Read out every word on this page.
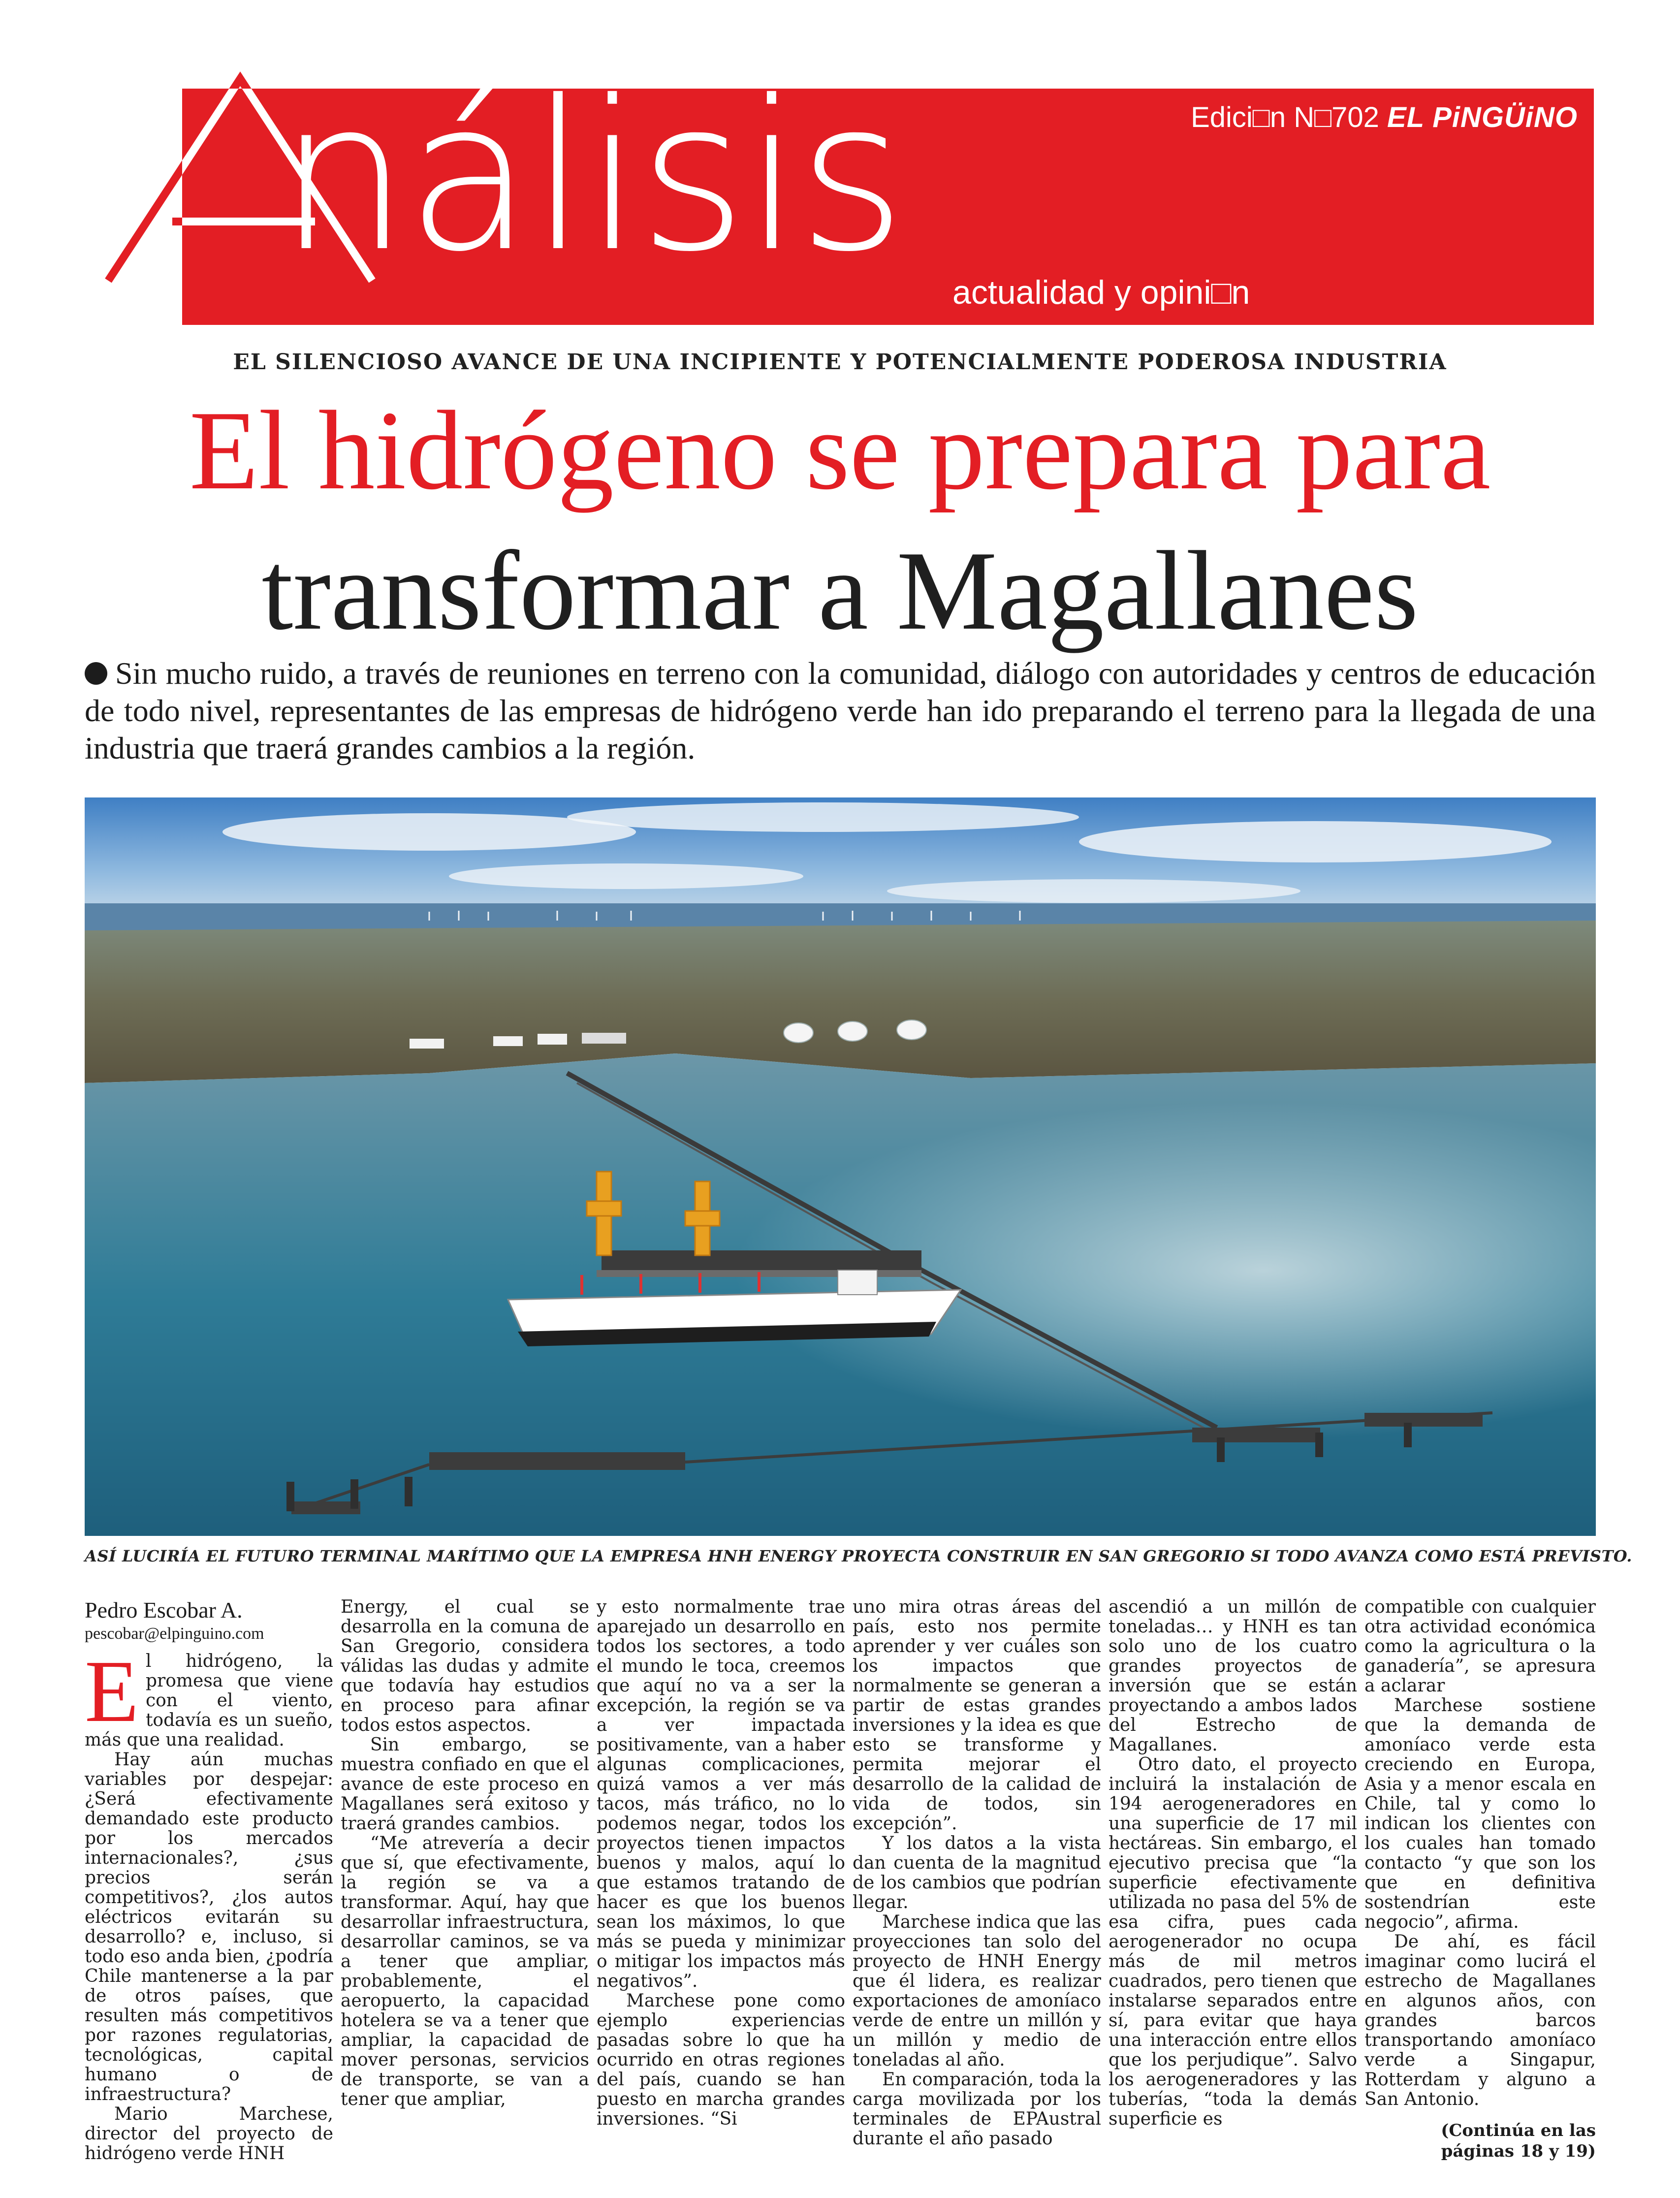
nálisis	Edici□n N□702 EL PiNGÜiNO
actualidad y opini□n
EL SILENCIOSO AVANCE DE UNA INCIPIENTE Y POTENCIALMENTE PODEROSA INDUSTRIA
El hidrógeno se prepara para
transformar a Magallanes
Sin mucho ruido, a través de reuniones en terreno con la comunidad, diálogo con autoridades y centros de educación de todo nivel, representantes de las empresas de hidrógeno verde han ido preparando el terreno para la llegada de una industria que traerá grandes cambios a la región.
ASÍ LUCIRÍA EL FUTURO TERMINAL MARÍTIMO QUE LA EMPRESA HNH ENERGY PROYECTA CONSTRUIR EN SAN GREGORIO SI TODO AVANZA COMO ESTÁ PREVISTO.
Pedro Escobar A.
pescobar@elpinguino.com

El hidrógeno, la promesa que viene con el viento, todavía es un sueño, más que una realidad.

Hay aún muchas variables por despejar: ¿Será efectivamente demandado este producto por los mercados internacionales?, ¿sus precios serán competitivos?, ¿los autos eléctricos evitarán su desarrollo? e, incluso, si todo eso anda bien, ¿podría Chile mantenerse a la par de otros países, que resulten más competitivos por razones regulatorias, tecnológicas, capital humano o de infraestructura?

Mario Marchese, director del proyecto de hidrógeno verde HNH

Energy, el cual se desarrolla en la comuna de San Gregorio, considera válidas las dudas y admite que todavía hay estudios en proceso para afinar todos estos aspectos.

Sin embargo, se muestra confiado en que el avance de este proceso en Magallanes será exitoso y traerá grandes cambios.

“Me atrevería a decir que sí, que efectivamente, la región se va a transformar. Aquí, hay que desarrollar infraestructura, desarrollar caminos, se va a tener que ampliar, probablemente, el aeropuerto, la capacidad hotelera se va a tener que ampliar, la capacidad de mover personas, servicios de transporte, se van a tener que ampliar,

y esto normalmente trae aparejado un desarrollo en todos los sectores, a todo el mundo le toca, creemos que aquí no va a ser la excepción, la región se va a ver impactada positivamente, van a haber algunas complicaciones, quizá vamos a ver más tacos, más tráfico, no lo podemos negar, todos los proyectos tienen impactos buenos y malos, aquí lo que estamos tratando de hacer es que los buenos sean los máximos, lo que más se pueda y minimizar o mitigar los impactos más negativos”.

Marchese pone como ejemplo experiencias pasadas sobre lo que ha ocurrido en otras regiones del país, cuando se han puesto en marcha grandes inversiones. “Si

uno mira otras áreas del país, esto nos permite aprender y ver cuáles son los impactos que normalmente se generan a partir de estas grandes inversiones y la idea es que esto se transforme y permita mejorar el desarrollo de la calidad de vida de todos, sin excepción”.

Y los datos a la vista dan cuenta de la magnitud de los cambios que podrían llegar.

Marchese indica que las proyecciones tan solo del proyecto de HNH Energy que él lidera, es realizar exportaciones de amoníaco verde de entre un millón y un millón y medio de toneladas al año.

En comparación, toda la carga movilizada por los terminales de EPAustral durante el año pasado

ascendió a un millón de toneladas… y HNH es tan solo uno de los cuatro grandes proyectos de inversión que se están proyectando a ambos lados del Estrecho de Magallanes.

Otro dato, el proyecto incluirá la instalación de 194 aerogeneradores en una superficie de 17 mil hectáreas. Sin embargo, el ejecutivo precisa que “la superficie efectivamente utilizada no pasa del 5% de esa cifra, pues cada aerogenerador no ocupa más de mil metros cuadrados, pero tienen que instalarse separados entre sí, para evitar que haya una interacción entre ellos que los perjudique”. Salvo los aerogeneradores y las tuberías, “toda la demás superficie es

compatible con cualquier otra actividad económica como la agricultura o la ganadería”, se apresura a aclarar

Marchese sostiene que la demanda de amoníaco verde esta creciendo en Europa, Asia y a menor escala en Chile, tal y como lo indican los clientes con los cuales han tomado contacto “y que son los que en definitiva sostendrían este negocio”, afirma.

De ahí, es fácil imaginar como lucirá el estrecho de Magallanes en algunos años, con grandes barcos transportando amoníaco verde a Singapur, Rotterdam y alguno a San Antonio.

(Continúa en las páginas 18 y 19)
